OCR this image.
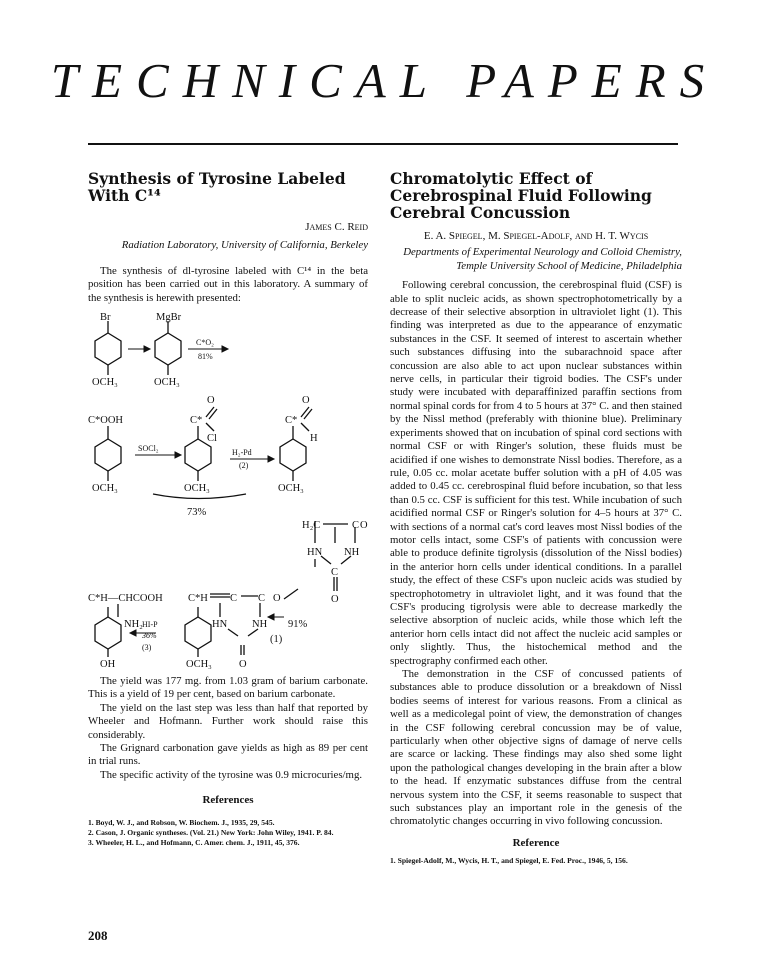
TECHNICAL PAPERS
Synthesis of Tyrosine Labeled With C¹⁴
James C. Reid
Radiation Laboratory, University of California, Berkeley

The synthesis of dl-tyrosine labeled with C¹⁴ in the beta position has been carried out in this laboratory. A summary of the synthesis is herewith presented:

Br	MgBr
OCH₃	OCH₃
C*O₂
81%
C*OOH
O
C*
Cl
O
C*
H
SOCl₂	H₂-Pd
(2)
OCH₃	OCH₃	OCH₃
73%
H₂C	C O
HN NH
C
O
C*H—CHCOOH C*H C C O
NH₂ HI-P
36%
(3)
HN NH 91%
(1)
OH	OCH₃	O

The yield was 177 mg. from 1.03 gram of barium carbonate. This is a yield of 19 per cent, based on barium carbonate.

The yield on the last step was less than half that reported by Wheeler and Hofmann. Further work should raise this considerably.

The Grignard carbonation gave yields as high as 89 per cent in trial runs.

The specific activity of the tyrosine was 0.9 microcuries/mg.

References
1. Boyd, W. J., and Robson, W. Biochem. J., 1935, 29, 545.
2. Cason, J. Organic syntheses. (Vol. 21.) New York: John Wiley, 1941. P. 84.
3. Wheeler, H. L., and Hofmann, C. Amer. chem. J., 1911, 45, 376.
208
Chromatolytic Effect of Cerebrospinal Fluid Following Cerebral Concussion
E. A. Spiegel, M. Spiegel-Adolf, and H. T. Wycis
Departments of Experimental Neurology and Colloid Chemistry, Temple University School of Medicine, Philadelphia

Following cerebral concussion, the cerebrospinal fluid (CSF) is able to split nucleic acids, as shown spectrophotometrically by a decrease of their selective absorption in ultraviolet light (1). This finding was interpreted as due to the appearance of enzymatic substances in the CSF. It seemed of interest to ascertain whether such substances diffusing into the subarachnoid space after concussion are also able to act upon nuclear substances within nerve cells, in particular their tigroid bodies. The CSF's under study were incubated with deparaffinized paraffin sections from normal spinal cords for from 4 to 5 hours at 37° C. and then stained by the Nissl method (preferably with thionine blue). Preliminary experiments showed that on incubation of spinal cord sections with normal CSF or with Ringer's solution, these fluids must be acidified if one wishes to demonstrate Nissl bodies. Therefore, as a rule, 0.05 cc. molar acetate buffer solution with a pH of 4.05 was added to 0.45 cc. cerebrospinal fluid before incubation, so that less than 0.5 cc. CSF is sufficient for this test. While incubation of such acidified normal CSF or Ringer's solution for 4–5 hours at 37° C. with sections of a normal cat's cord leaves most Nissl bodies of the motor cells intact, some CSF's of patients with concussion were able to produce definite tigrolysis (dissolution of the Nissl bodies) in the anterior horn cells under identical conditions. In a parallel study, the effect of these CSF's upon nucleic acids was studied by spectrophotometry in ultraviolet light, and it was found that the CSF's producing tigrolysis were able to decrease markedly the selective absorption of nucleic acids, while those which left the anterior horn cells intact did not affect the nucleic acid samples or only slightly. Thus, the histochemical method and the spectrography confirmed each other.

The demonstration in the CSF of concussed patients of substances able to produce dissolution or a breakdown of Nissl bodies seems of interest for various reasons. From a clinical as well as a medicolegal point of view, the demonstration of changes in the CSF following cerebral concussion may be of value, particularly when other objective signs of damage of nerve cells are scarce or lacking. These findings may also shed some light upon the pathological changes developing in the brain after a blow to the head. If enzymatic substances diffuse from the central nervous system into the CSF, it seems reasonable to suspect that such substances play an important role in the genesis of the chromatolytic changes occurring in vivo following concussion.

Reference
1. Spiegel-Adolf, M., Wycis, H. T., and Spiegel, E. Fed. Proc., 1946, 5, 156.
